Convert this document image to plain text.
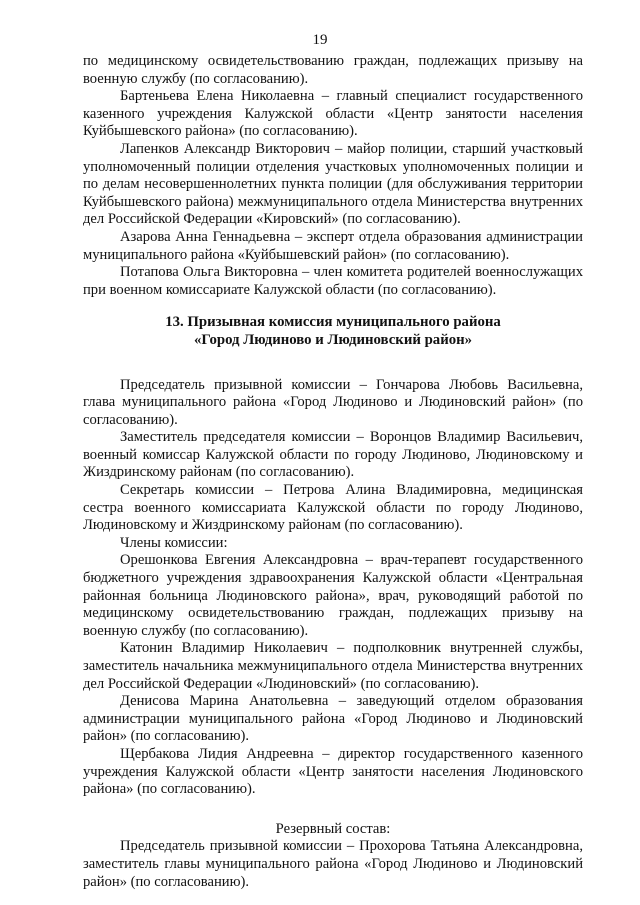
19

по медицинскому освидетельствованию граждан, подлежащих призыву на военную службу (по согласованию).

Бартеньева Елена Николаевна – главный специалист государственного казенного учреждения Калужской области «Центр занятости населения Куйбышевского района» (по согласованию).

Лапенков Александр Викторович – майор полиции, старший участковый уполномоченный полиции отделения участковых уполномоченных полиции и по делам несовершеннолетних пункта полиции (для обслуживания территории Куйбышевского района) межмуниципального отдела Министерства внутренних дел Российской Федерации «Кировский» (по согласованию).

Азарова Анна Геннадьевна – эксперт отдела образования администрации муниципального района «Куйбышевский район» (по согласованию).

Потапова Ольга Викторовна – член комитета родителей военнослужащих при военном комиссариате Калужской области (по согласованию).

13. Призывная комиссия муниципального района
«Город Людиново и Людиновский район»

Председатель призывной комиссии – Гончарова Любовь Васильевна, глава муниципального района «Город Людиново и Людиновский район» (по согласованию).

Заместитель председателя комиссии – Воронцов Владимир Васильевич, военный комиссар Калужской области по городу Людиново, Людиновскому и Жиздринскому районам (по согласованию).

Секретарь комиссии – Петрова Алина Владимировна, медицинская сестра военного комиссариата Калужской области по городу Людиново, Людиновскому и Жиздринскому районам (по согласованию).

Члены комиссии:

Орешонкова Евгения Александровна – врач-терапевт государственного бюджетного учреждения здравоохранения Калужской области «Центральная районная больница Людиновского района», врач, руководящий работой по медицинскому освидетельствованию граждан, подлежащих призыву на военную службу (по согласованию).

Катонин Владимир Николаевич – подполковник внутренней службы, заместитель начальника межмуниципального отдела Министерства внутренних дел Российской Федерации «Людиновский» (по согласованию).

Денисова Марина Анатольевна – заведующий отделом образования администрации муниципального района «Город Людиново и Людиновский район» (по согласованию).

Щербакова Лидия Андреевна – директор государственного казенного учреждения Калужской области «Центр занятости населения Людиновского района» (по согласованию).

Резервный состав:

Председатель призывной комиссии – Прохорова Татьяна Александровна, заместитель главы муниципального района «Город Людиново и Людиновский район» (по согласованию).
